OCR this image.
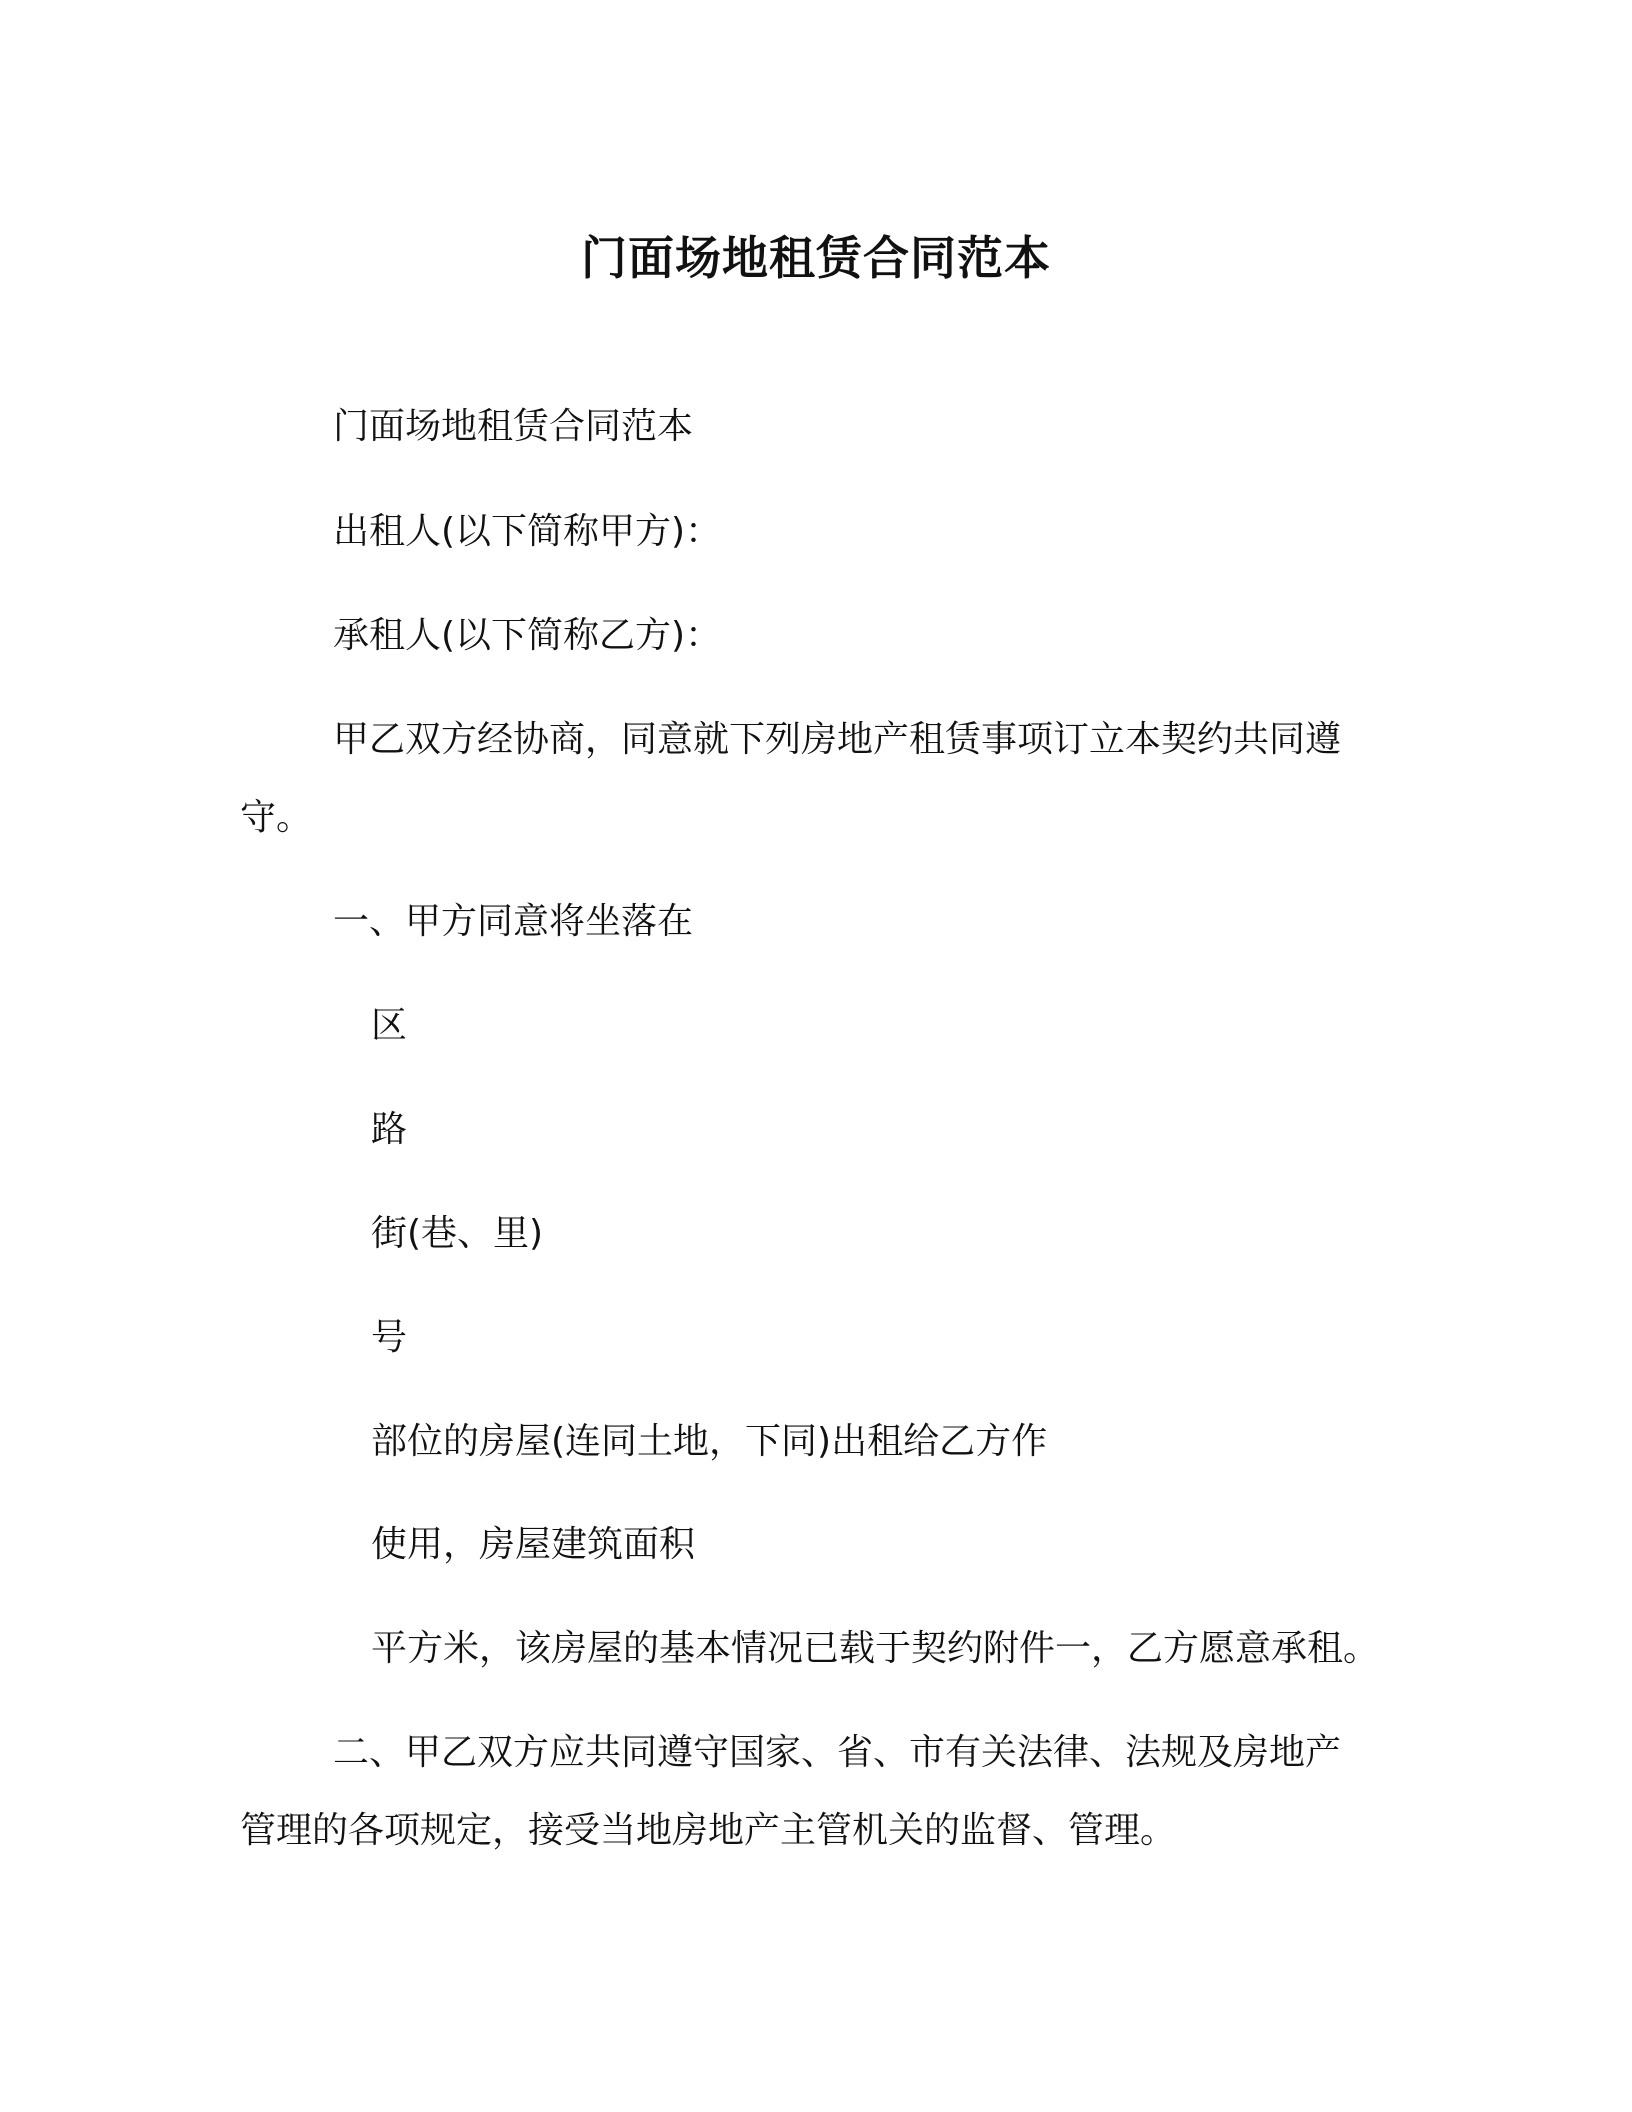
门面场地租赁合同范本
门面场地租赁合同范本
出租人(以下简称甲方)：
承租人(以下简称乙方)：
甲乙双方经协商，同意就下列房地产租赁事项订立本契约共同遵
守。
一、甲方同意将坐落在
区
路
街(巷、里)
号
部位的房屋(连同土地，下同)出租给乙方作
使用，房屋建筑面积
平方米，该房屋的基本情况已载于契约附件一，乙方愿意承租。
二、甲乙双方应共同遵守国家、省、市有关法律、法规及房地产
管理的各项规定，接受当地房地产主管机关的监督、管理。
